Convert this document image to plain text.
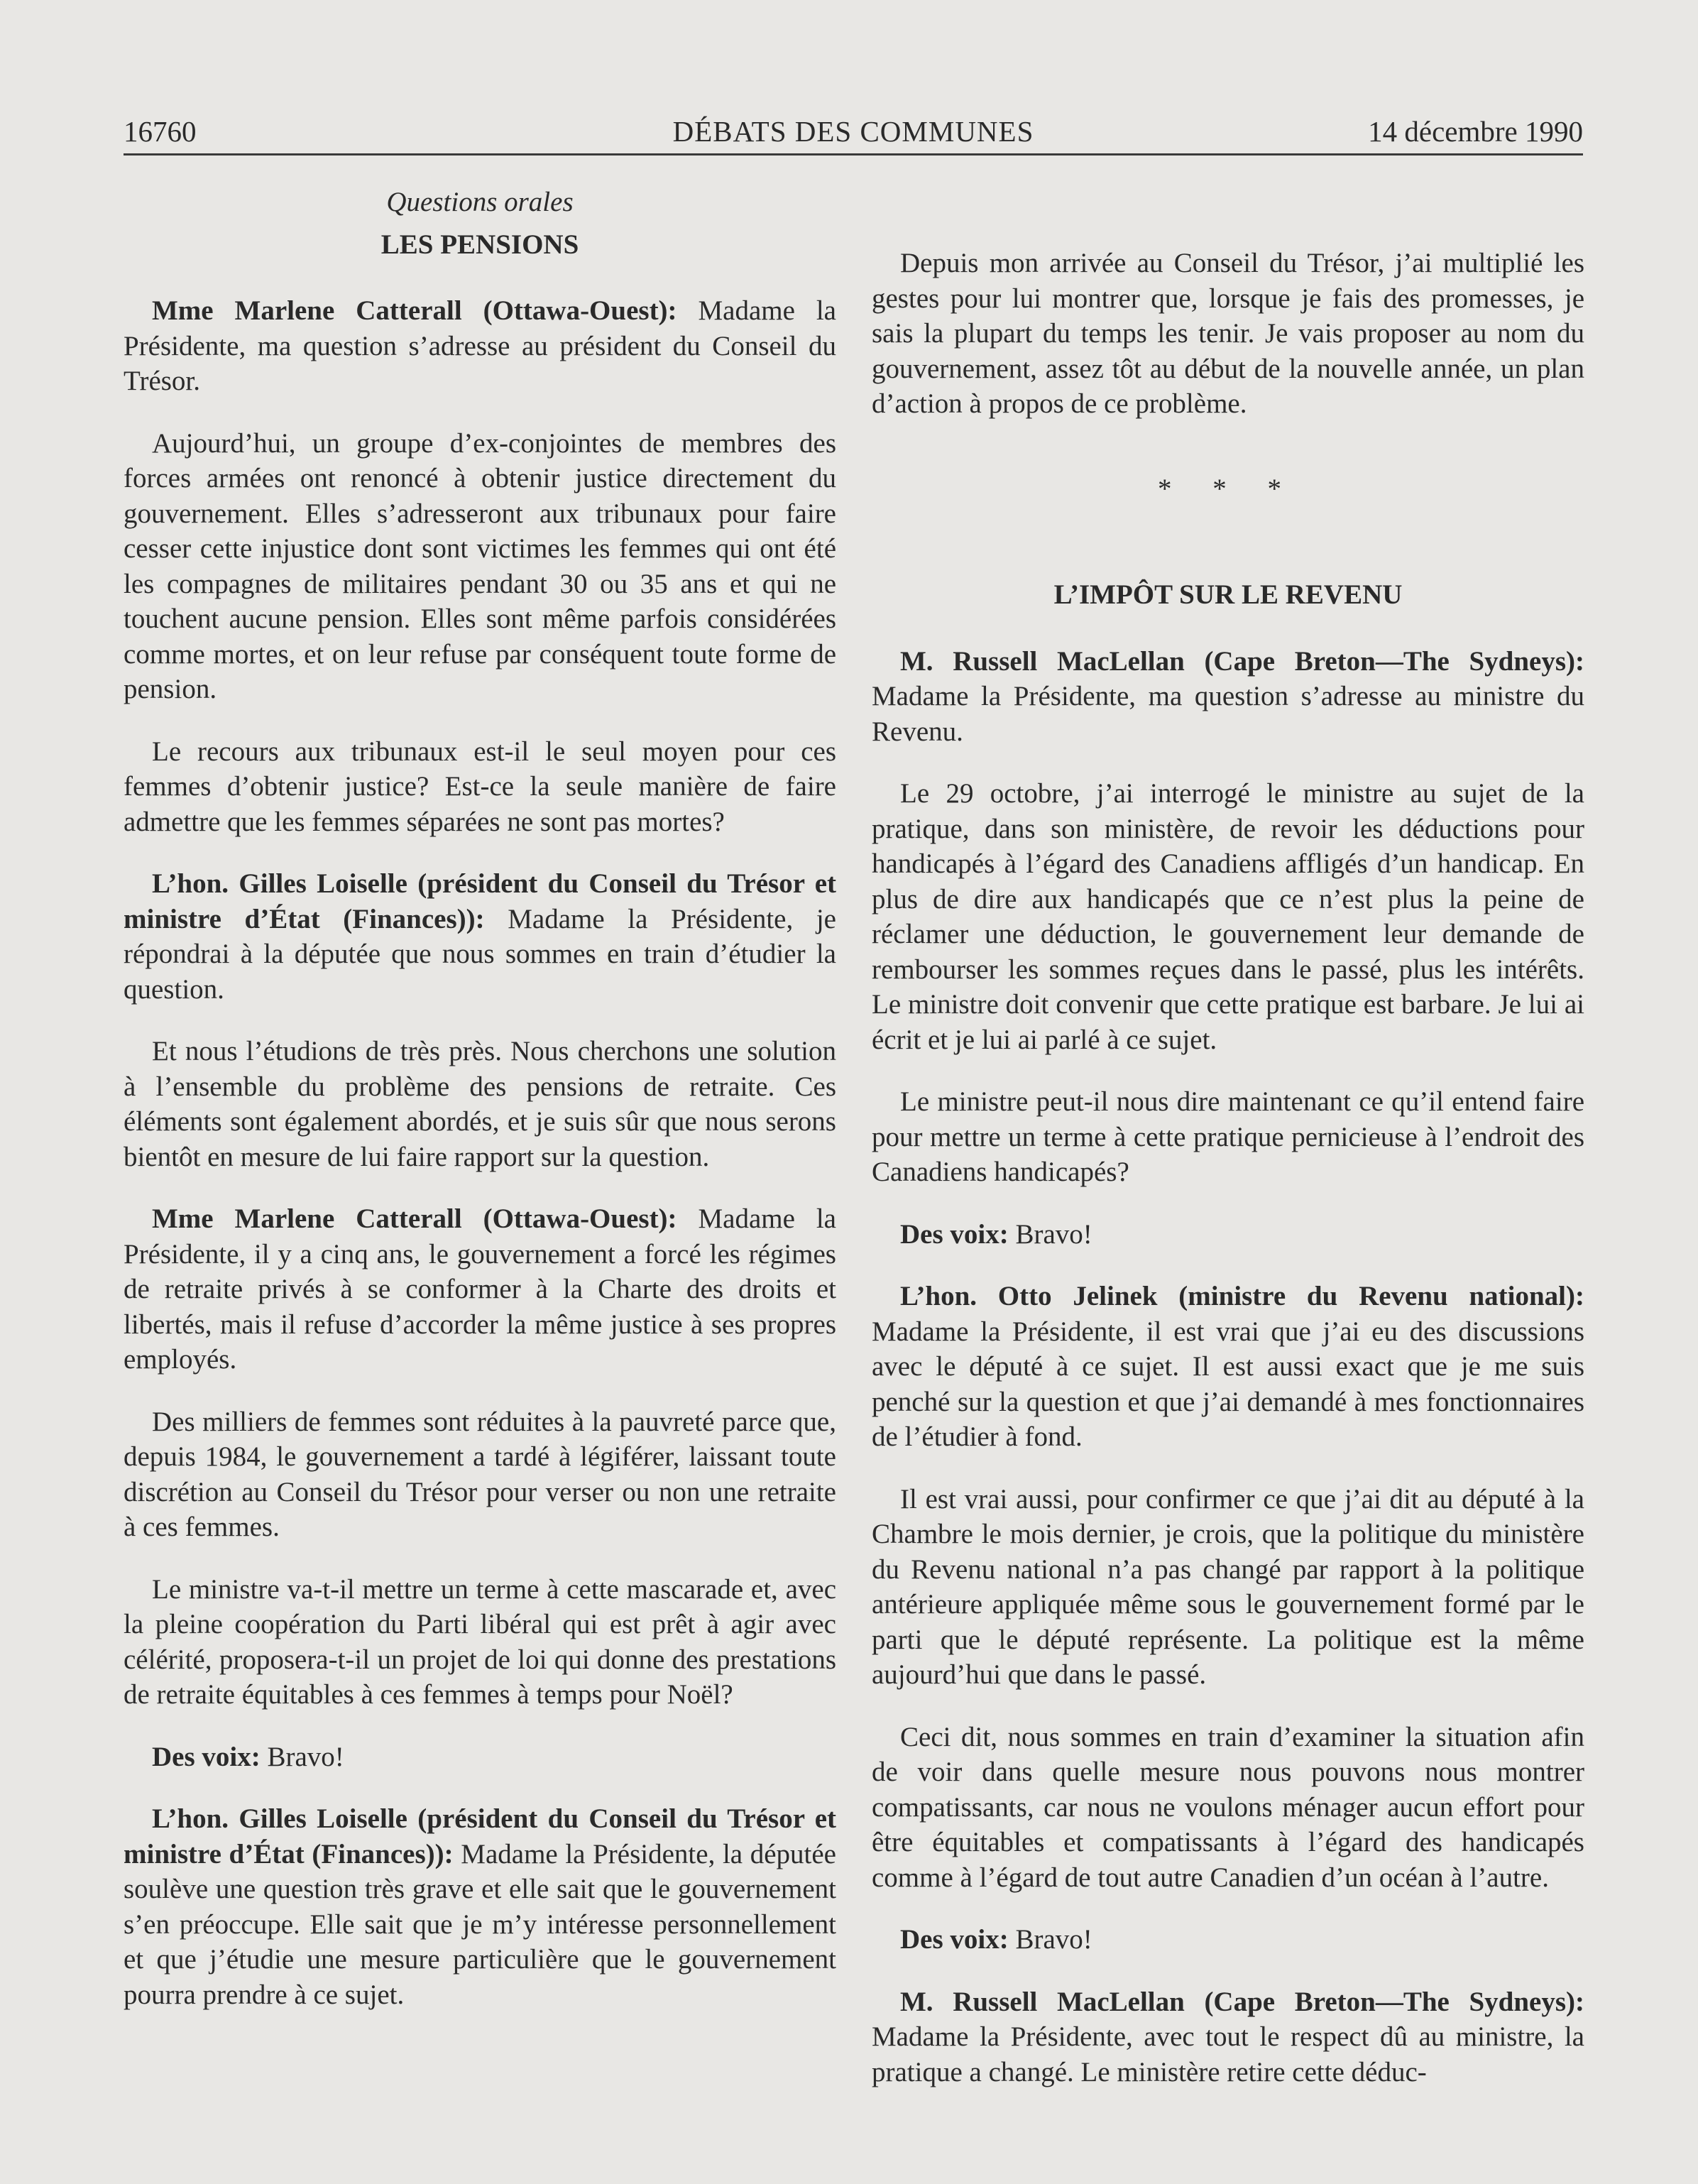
16760	DÉBATS DES COMMUNES	14 décembre 1990
Questions orales
LES PENSIONS

Mme Marlene Catterall (Ottawa-Ouest): Madame la Présidente, ma question s’adresse au président du Conseil du Trésor.

Aujourd’hui, un groupe d’ex-conjointes de membres des forces armées ont renoncé à obtenir justice directement du gouvernement. Elles s’adresseront aux tribunaux pour faire cesser cette injustice dont sont victimes les femmes qui ont été les compagnes de militaires pendant 30 ou 35 ans et qui ne touchent aucune pension. Elles sont même parfois considérées comme mortes, et on leur refuse par conséquent toute forme de pension.

Le recours aux tribunaux est-il le seul moyen pour ces femmes d’obtenir justice? Est-ce la seule manière de faire admettre que les femmes séparées ne sont pas mortes?

L’hon. Gilles Loiselle (président du Conseil du Trésor et ministre d’État (Finances)): Madame la Présidente, je répondrai à la députée que nous sommes en train d’étudier la question.

Et nous l’étudions de très près. Nous cherchons une solution à l’ensemble du problème des pensions de retraite. Ces éléments sont également abordés, et je suis sûr que nous serons bientôt en mesure de lui faire rapport sur la question.

Mme Marlene Catterall (Ottawa-Ouest): Madame la Présidente, il y a cinq ans, le gouvernement a forcé les régimes de retraite privés à se conformer à la Charte des droits et libertés, mais il refuse d’accorder la même justice à ses propres employés.

Des milliers de femmes sont réduites à la pauvreté parce que, depuis 1984, le gouvernement a tardé à légiférer, laissant toute discrétion au Conseil du Trésor pour verser ou non une retraite à ces femmes.

Le ministre va-t-il mettre un terme à cette mascarade et, avec la pleine coopération du Parti libéral qui est prêt à agir avec célérité, proposera-t-il un projet de loi qui donne des prestations de retraite équitables à ces femmes à temps pour Noël?

Des voix: Bravo!

L’hon. Gilles Loiselle (président du Conseil du Trésor et ministre d’État (Finances)): Madame la Présidente, la députée soulève une question très grave et elle sait que le gouvernement s’en préoccupe. Elle sait que je m’y intéresse personnellement et que j’étudie une mesure particulière que le gouvernement pourra prendre à ce sujet.

Depuis mon arrivée au Conseil du Trésor, j’ai multiplié les gestes pour lui montrer que, lorsque je fais des promesses, je sais la plupart du temps les tenir. Je vais proposer au nom du gouvernement, assez tôt au début de la nouvelle année, un plan d’action à propos de ce problème.

* * *
L’IMPÔT SUR LE REVENU

M. Russell MacLellan (Cape Breton—The Sydneys): Madame la Présidente, ma question s’adresse au ministre du Revenu.

Le 29 octobre, j’ai interrogé le ministre au sujet de la pratique, dans son ministère, de revoir les déductions pour handicapés à l’égard des Canadiens affligés d’un handicap. En plus de dire aux handicapés que ce n’est plus la peine de réclamer une déduction, le gouvernement leur demande de rembourser les sommes reçues dans le passé, plus les intérêts. Le ministre doit convenir que cette pratique est barbare. Je lui ai écrit et je lui ai parlé à ce sujet.

Le ministre peut-il nous dire maintenant ce qu’il entend faire pour mettre un terme à cette pratique pernicieuse à l’endroit des Canadiens handicapés?

Des voix: Bravo!

L’hon. Otto Jelinek (ministre du Revenu national): Madame la Présidente, il est vrai que j’ai eu des discussions avec le député à ce sujet. Il est aussi exact que je me suis penché sur la question et que j’ai demandé à mes fonctionnaires de l’étudier à fond.

Il est vrai aussi, pour confirmer ce que j’ai dit au député à la Chambre le mois dernier, je crois, que la politique du ministère du Revenu national n’a pas changé par rapport à la politique antérieure appliquée même sous le gouvernement formé par le parti que le député représente. La politique est la même aujourd’hui que dans le passé.

Ceci dit, nous sommes en train d’examiner la situation afin de voir dans quelle mesure nous pouvons nous montrer compatissants, car nous ne voulons ménager aucun effort pour être équitables et compatissants à l’égard des handicapés comme à l’égard de tout autre Canadien d’un océan à l’autre.

Des voix: Bravo!

M. Russell MacLellan (Cape Breton—The Sydneys): Madame la Présidente, avec tout le respect dû au ministre, la pratique a changé. Le ministère retire cette déduc-
